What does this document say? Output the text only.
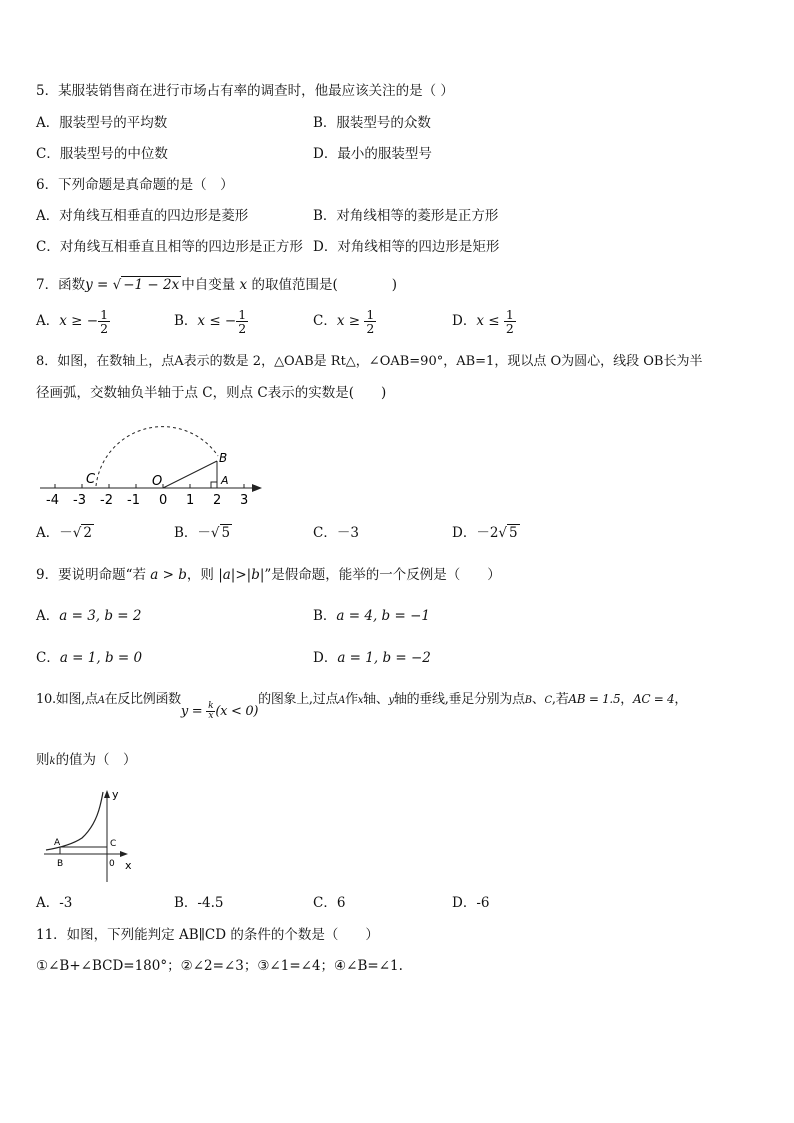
5．某服装销售商在进行市场占有率的调查时，他最应该关注的是（ ）
A．服装型号的平均数	B．服装型号的众数
C．服装型号的中位数	D．最小的服装型号
6．下列命题是真命题的是（　）
A．对角线互相垂直的四边形是菱形	B．对角线相等的菱形是正方形
C．对角线互相垂直且相等的四边形是正方形 D．对角线相等的四边形是矩形
7．函数y = √ −1 − 2x 中自变量 x 的取值范围是(　　　　)
A．x ≥ − $\frac{1}{2}$	B．x ≤ − $\frac{1}{2}$	C．$x \ge \frac{1}{2}$	D．$x \le \frac{1}{2}$
8．如图，在数轴上，点A表示的数是 2，△OAB是 Rt△，∠OAB=90°，AB=1，现以点 O为圆心，线段 OB长为半
径画弧，交数轴负半轴于点 C，则点 C表示的实数是(　　)
-4 -3 -2 -1 0 1 2 3
C	O
B
A
A．－√ 2	B．－√ 5	C．－3	D．－2√ 5
9．要说明命题“若 a > b，则 |a|>|b|”是假命题，能举的一个反例是（　　）
A．a = 3, b = 2	B．a = 4, b = −1
C．a = 1, b = 0	D．a = 1, b = −2
10.如图,点A在反比例函数$y = \frac{k}{x} (x < 0)$的图象上,过点A作x轴、y轴的垂线,垂足分别为点B、C,若AB = 1.5，AC = 4，
则k的值为（　）
y
x
A
B
C
0
A．-3	B．-4.5	C．6	D．-6
11．如图，下列能判定 AB∥CD 的条件的个数是（　　）
①∠B+∠BCD=180°；②∠2=∠3；③∠1=∠4；④∠B=∠1.
